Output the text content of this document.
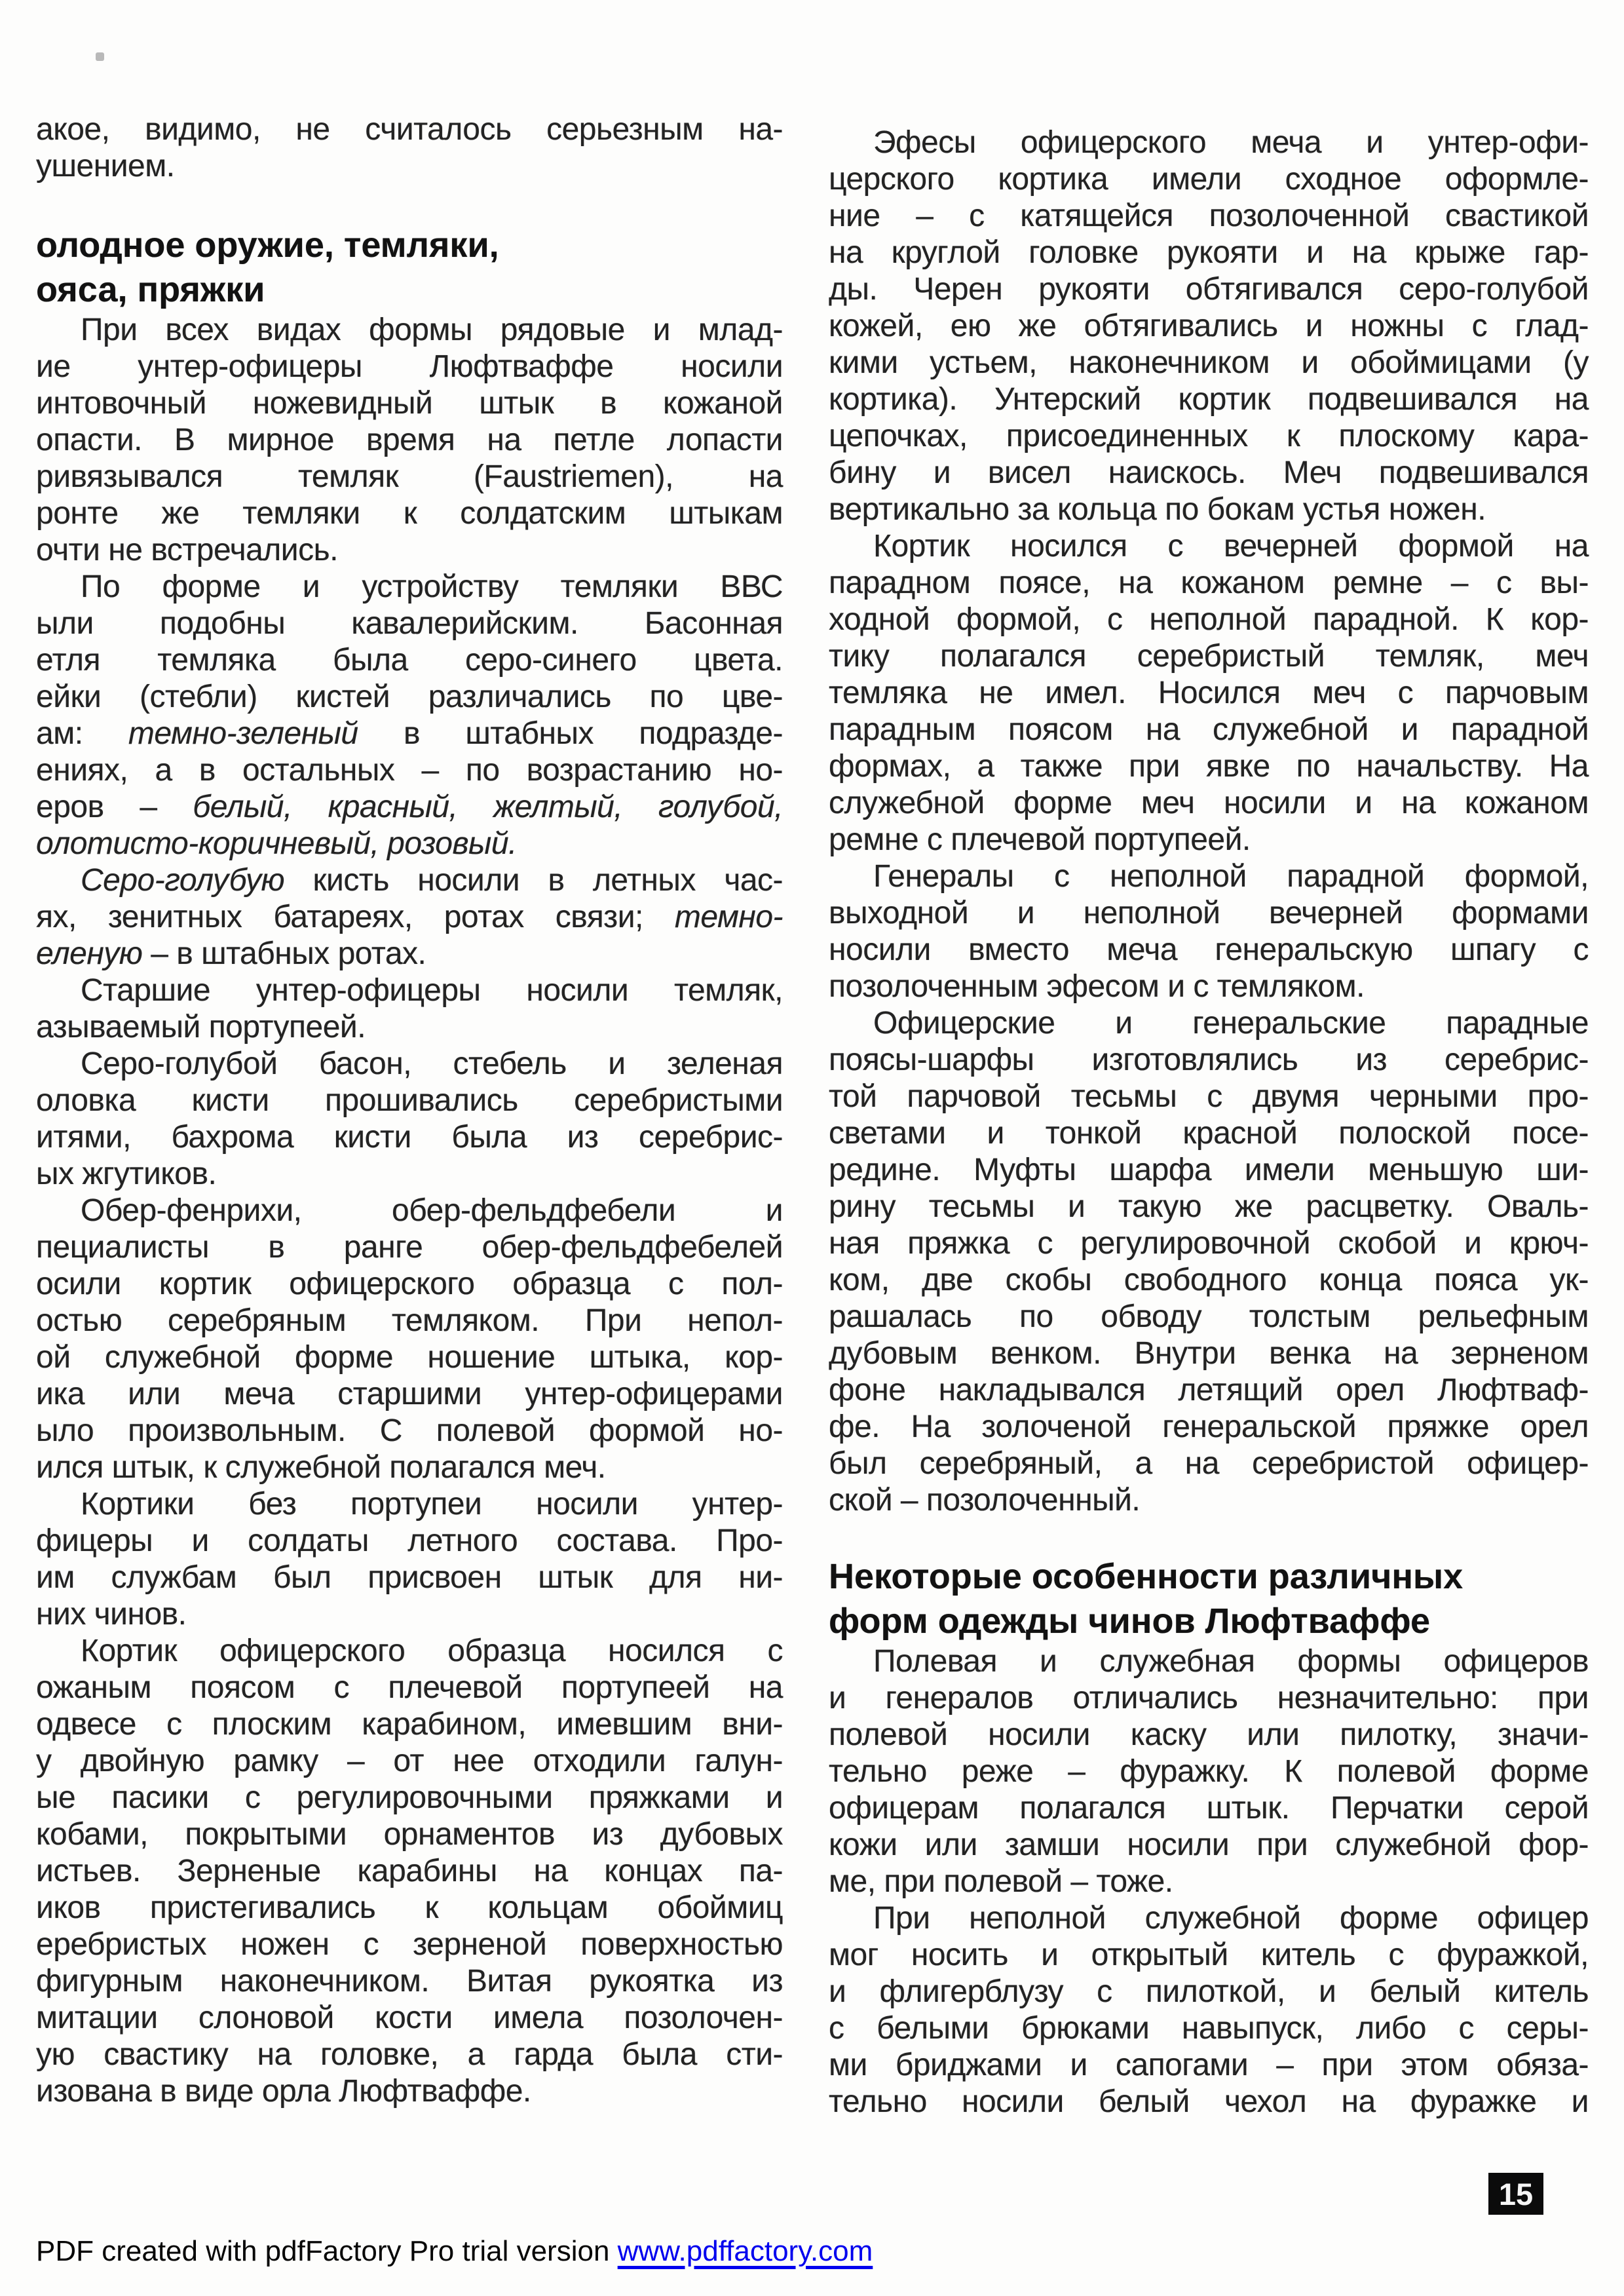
акое, видимо, не считалось серьезным на-
ушением.
олодное оружие, темляки,
ояса, пряжки
При всех видах формы рядовые и млад-
ие унтер-офицеры Люфтваффе носили
интовочный ножевидный штык в кожаной
опасти. В мирное время на петле лопасти
ривязывался темляк (Faustriemen), на
ронте же темляки к солдатским штыкам
очти не встречались.
По форме и устройству темляки ВВС
ыли подобны кавалерийским. Басонная
етля темляка была серо-синего цвета.
ейки (стебли) кистей различались по цве-
ам: темно-зеленый в штабных подразде-
ениях, а в остальных – по возрастанию но-
еров – белый, красный, желтый, голубой,
олотисто-коричневый, розовый.
Серо-голубую кисть носили в летных час-
ях, зенитных батареях, ротах связи; темно-
еленую – в штабных ротах.
Старшие унтер-офицеры носили темляк,
азываемый портупеей.
Серо-голубой басон, стебель и зеленая
оловка кисти прошивались серебристыми
итями, бахрома кисти была из серебрис-
ых жгутиков.
Обер-фенрихи, обер-фельдфебели и
пециалисты в ранге обер-фельдфебелей
осили кортик офицерского образца с пол-
остью серебряным темляком. При непол-
ой служебной форме ношение штыка, кор-
ика или меча старшими унтер-офицерами
ыло произвольным. С полевой формой но-
ился штык, к служебной полагался меч.
Кортики без портупеи носили унтер-
фицеры и солдаты летного состава. Про-
им службам был присвоен штык для ни-
них чинов.
Кортик офицерского образца носился с
ожаным поясом с плечевой портупеей на
одвесе с плоским карабином, имевшим вни-
у двойную рамку – от нее отходили галун-
ые пасики с регулировочными пряжками и
кобами, покрытыми орнаментов из дубовых
истьев. Зерненые карабины на концах па-
иков пристегивались к кольцам обоймиц
еребристых ножен с зерненой поверхностью
фигурным наконечником. Витая рукоятка из
митации слоновой кости имела позолочен-
ую свастику на головке, а гарда была сти-
изована в виде орла Люфтваффе.
Эфесы офицерского меча и унтер-офи-
церского кортика имели сходное оформле-
ние – с катящейся позолоченной свастикой
на круглой головке рукояти и на крыже гар-
ды. Черен рукояти обтягивался серо-голубой
кожей, ею же обтягивались и ножны с глад-
кими устьем, наконечником и обоймицами (у
кортика). Унтерский кортик подвешивался на
цепочках, присоединенных к плоскому кара-
бину и висел наискось. Меч подвешивался
вертикально за кольца по бокам устья ножен.
Кортик носился с вечерней формой на
парадном поясе, на кожаном ремне – с вы-
ходной формой, с неполной парадной. К кор-
тику полагался серебристый темляк, меч
темляка не имел. Носился меч с парчовым
парадным поясом на служебной и парадной
формах, а также при явке по начальству. На
служебной форме меч носили и на кожаном
ремне с плечевой портупеей.
Генералы с неполной парадной формой,
выходной и неполной вечерней формами
носили вместо меча генеральскую шпагу с
позолоченным эфесом и с темляком.
Офицерские и генеральские парадные
поясы-шарфы изготовлялись из серебрис-
той парчовой тесьмы с двумя черными про-
светами и тонкой красной полоской посе-
редине. Муфты шарфа имели меньшую ши-
рину тесьмы и такую же расцветку. Оваль-
ная пряжка с регулировочной скобой и крюч-
ком, две скобы свободного конца пояса ук-
рашалась по обводу толстым рельефным
дубовым венком. Внутри венка на зерненом
фоне накладывался летящий орел Люфтваф-
фе. На золоченой генеральской пряжке орел
был серебряный, а на серебристой офицер-
ской – позолоченный.
Некоторые особенности различных
форм одежды чинов Люфтваффе
Полевая и служебная формы офицеров
и генералов отличались незначительно: при
полевой носили каску или пилотку, значи-
тельно реже – фуражку. К полевой форме
офицерам полагался штык. Перчатки серой
кожи или замши носили при служебной фор-
ме, при полевой – тоже.
При неполной служебной форме офицер
мог носить и открытый китель с фуражкой,
и флигерблузу с пилоткой, и белый китель
с белыми брюками навыпуск, либо с серы-
ми бриджами и сапогами – при этом обяза-
тельно носили белый чехол на фуражке и
15
PDF created with pdfFactory Pro trial version www.pdffactory.com
